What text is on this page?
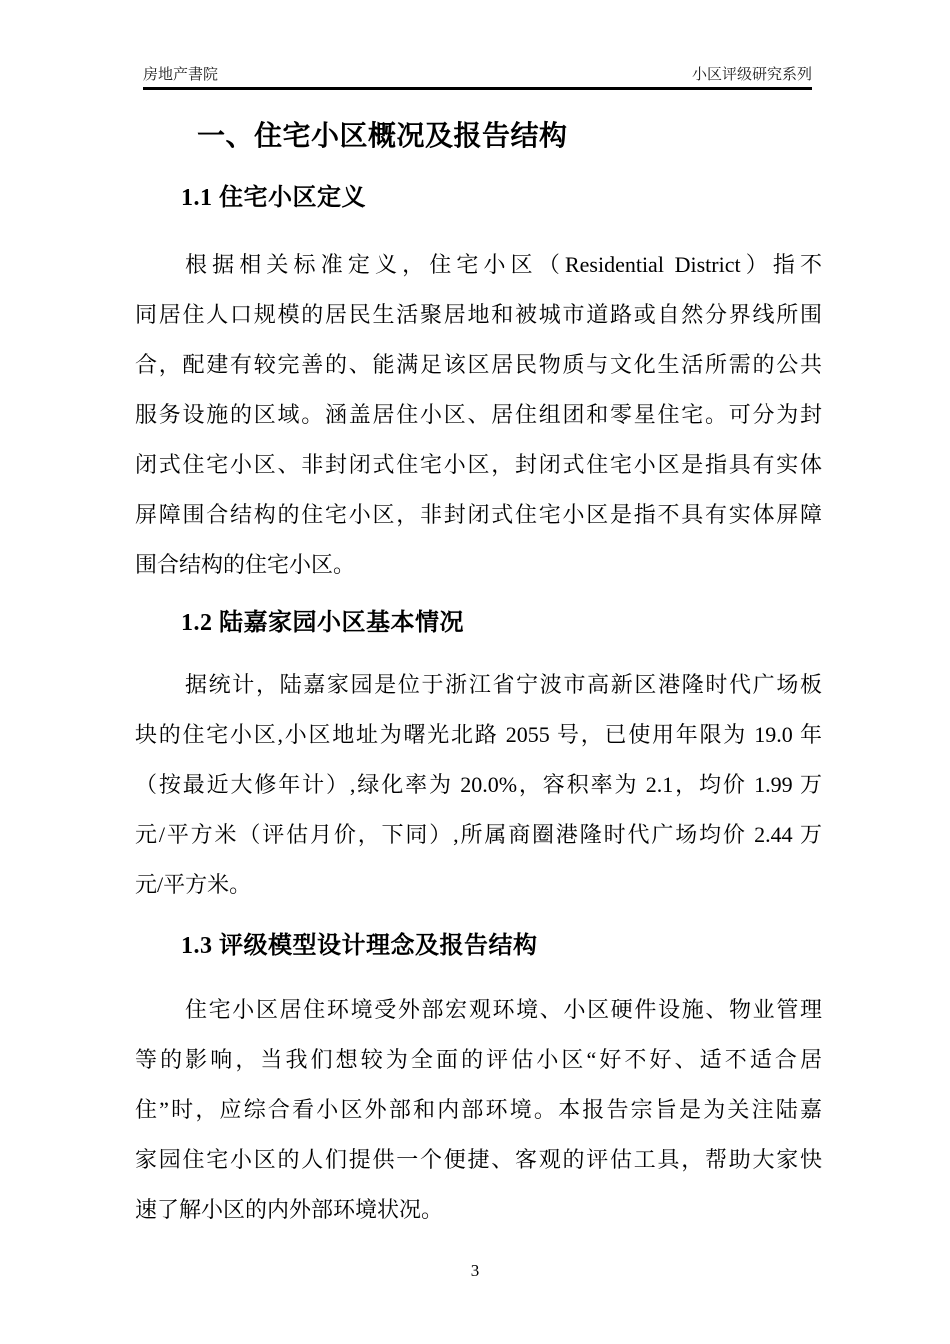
房地产書院	小区评级研究系列
一、住宅小区概况及报告结构
1.1 住宅小区定义
根据相关标准定义，住宅小区（Residential District）指不
同居住人口规模的居民生活聚居地和被城市道路或自然分界线所围
合，配建有较完善的、能满足该区居民物质与文化生活所需的公共
服务设施的区域。涵盖居住小区、居住组团和零星住宅。可分为封
闭式住宅小区、非封闭式住宅小区，封闭式住宅小区是指具有实体
屏障围合结构的住宅小区，非封闭式住宅小区是指不具有实体屏障
围合结构的住宅小区。
1.2 陆嘉家园小区基本情况
据统计，陆嘉家园是位于浙江省宁波市高新区港隆时代广场板
块的住宅小区,小区地址为曙光北路 2055 号，已使用年限为 19.0 年
（按最近大修年计）,绿化率为 20.0%，容积率为 2.1，均价 1.99 万
元/平方米（评估月价，下同）,所属商圈港隆时代广场均价 2.44 万
元/平方米。
1.3 评级模型设计理念及报告结构
住宅小区居住环境受外部宏观环境、小区硬件设施、物业管理
等的影响，当我们想较为全面的评估小区“好不好、适不适合居
住”时，应综合看小区外部和内部环境。本报告宗旨是为关注陆嘉
家园住宅小区的人们提供一个便捷、客观的评估工具，帮助大家快
速了解小区的内外部环境状况。
3
